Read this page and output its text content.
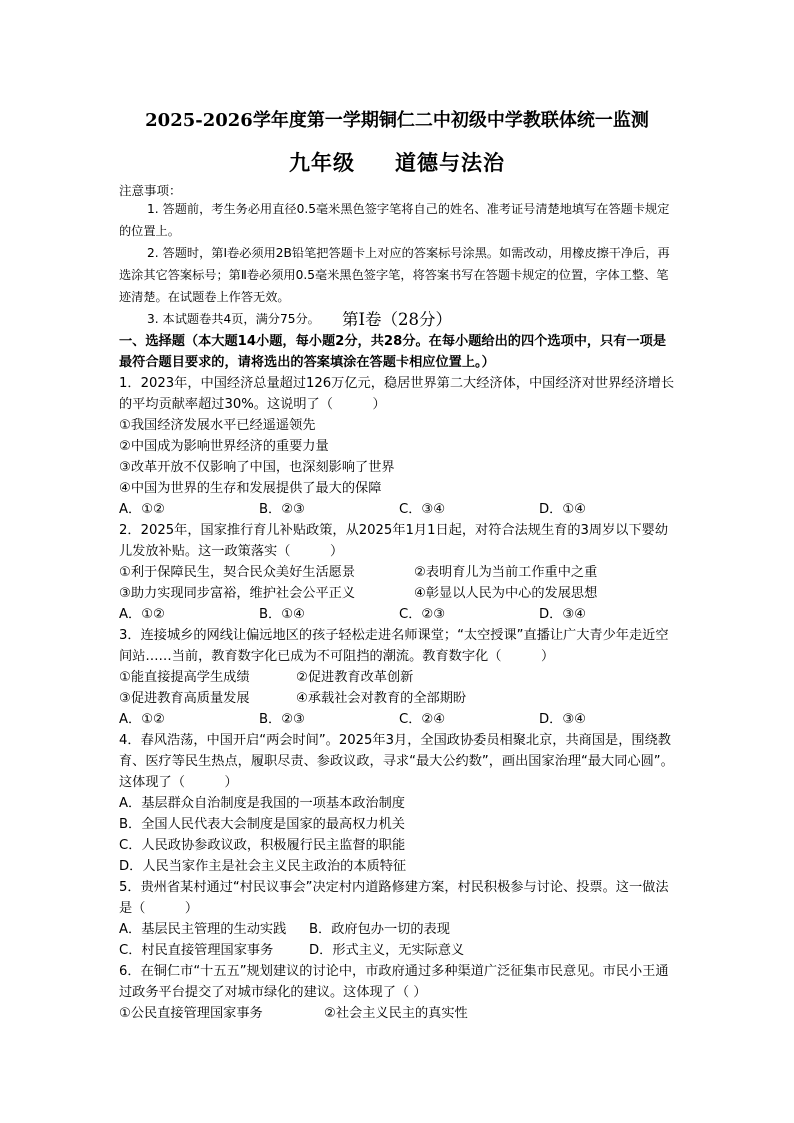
2025-2026学年度第一学期铜仁二中初级中学教联体统一监测
九年级 道德与法治
注意事项：
1. 答题前，考生务必用直径0.5毫米黑色签字笔将自己的姓名、准考证号清楚地填写在答题卡规定的位置上。
2. 答题时，第Ⅰ卷必须用2B铅笔把答题卡上对应的答案标号涂黑。如需改动，用橡皮擦干净后，再选涂其它答案标号；第Ⅱ卷必须用0.5毫米黑色签字笔，将答案书写在答题卡规定的位置，字体工整、笔迹清楚。在试题卷上作答无效。
3. 本试题卷共4页，满分75分。	第Ⅰ卷（28分）

一、选择题（本大题14小题，每小题2分，共28分。在每小题给出的四个选项中，只有一项是最符合题目要求的，请将选出的答案填涂在答题卡相应位置上。）

1．2023年，中国经济总量超过126万亿元，稳居世界第二大经济体，中国经济对世界经济增长的平均贡献率超过30%。这说明了（　　　）

①我国经济发展水平已经遥遥领先

②中国成为影响世界经济的重要力量

③改革开放不仅影响了中国，也深刻影响了世界

④中国为世界的生存和发展提供了最大的保障

A．①②	B．②③	C．③④	D．①④

2．2025年，国家推行育儿补贴政策，从2025年1月1日起，对符合法规生育的3周岁以下婴幼儿发放补贴。这一政策落实（　　　）

①利于保障民生，契合民众美好生活愿景	②表明育儿为当前工作重中之重
③助力实现同步富裕，维护社会公平正义	④彰显以人民为中心的发展思想
A．①②	B．①④	C．②③	D．③④

3．连接城乡的网线让偏远地区的孩子轻松走进名师课堂；“太空授课”直播让广大青少年走近空间站……当前，教育数字化已成为不可阻挡的潮流。教育数字化（　　　）

①能直接提高学生成绩	②促进教育改革创新
③促进教育高质量发展	④承载社会对教育的全部期盼
A．①②	B．②③	C．②④	D．③④

4．春风浩荡，中国开启“两会时间”。2025年3月，全国政协委员相聚北京，共商国是，围绕教育、医疗等民生热点，履职尽责、参政议政，寻求“最大公约数”，画出国家治理“最大同心圆”。这体现了（　　　）

A．基层群众自治制度是我国的一项基本政治制度

B．全国人民代表大会制度是国家的最高权力机关

C．人民政协参政议政，积极履行民主监督的职能

D．人民当家作主是社会主义民主政治的本质特征

5．贵州省某村通过“村民议事会”决定村内道路修建方案，村民积极参与讨论、投票。这一做法是（　　　）

A．基层民主管理的生动实践	B．政府包办一切的表现
C．村民直接管理国家事务	D．形式主义，无实际意义

6．在铜仁市“十五五”规划建议的讨论中，市政府通过多种渠道广泛征集市民意见。市民小王通过政务平台提交了对城市绿化的建议。这体现了（ ）

①公民直接管理国家事务	②社会主义民主的真实性
